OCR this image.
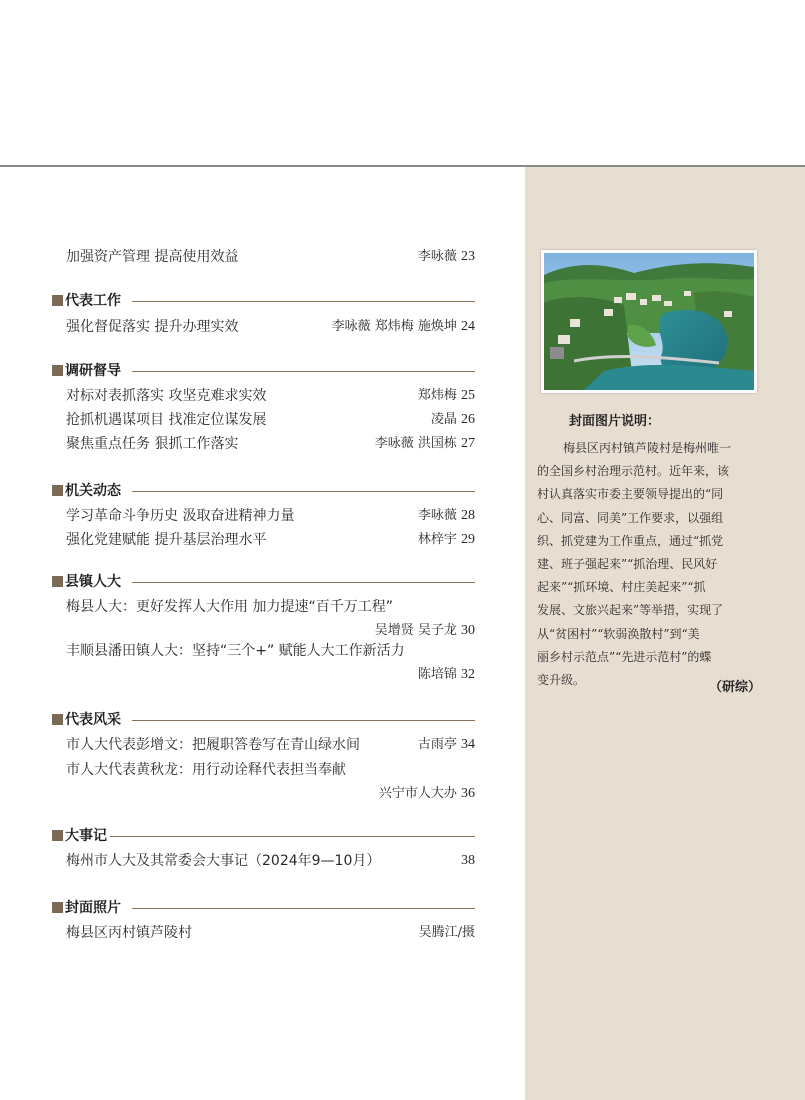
加强资产管理 提高使用效益	李咏薇 23
代表工作
强化督促落实 提升办理实效	李咏薇 郑炜梅 施焕坤 24
调研督导
对标对表抓落实 攻坚克难求实效	郑炜梅 25
抢抓机遇谋项目 找准定位谋发展	凌晶 26
聚焦重点任务 狠抓工作落实	李咏薇 洪国栋 27
机关动态
学习革命斗争历史 汲取奋进精神力量	李咏薇 28
强化党建赋能 提升基层治理水平	林梓宇 29
县镇人大
梅县人大：更好发挥人大作用 加力提速“百千万工程”
吴增贤 吴子龙 30
丰顺县潘田镇人大：坚持“三个+” 赋能人大工作新活力
陈培锦 32
代表风采
市人大代表彭增文：把履职答卷写在青山绿水间	古雨亭 34
市人大代表黄秋龙：用行动诠释代表担当奉献
兴宁市人大办 36
大事记
梅州市人大及其常委会大事记（2024年9—10月）	38
封面照片
梅县区丙村镇芦陵村	吴腾江/摄
封面图片说明：
梅县区丙村镇芦陵村是梅州唯一
的全国乡村治理示范村。近年来，该
村认真落实市委主要领导提出的“同
心、同富、同美”工作要求，以强组
织、抓党建为工作重点，通过“抓党
建、班子强起来”“抓治理、民风好
起来”“抓环境、村庄美起来”“抓
发展、文旅兴起来”等举措，实现了
从“贫困村”“软弱涣散村”到“美
丽乡村示范点”“先进示范村”的蝶
变升级。	（研综）
